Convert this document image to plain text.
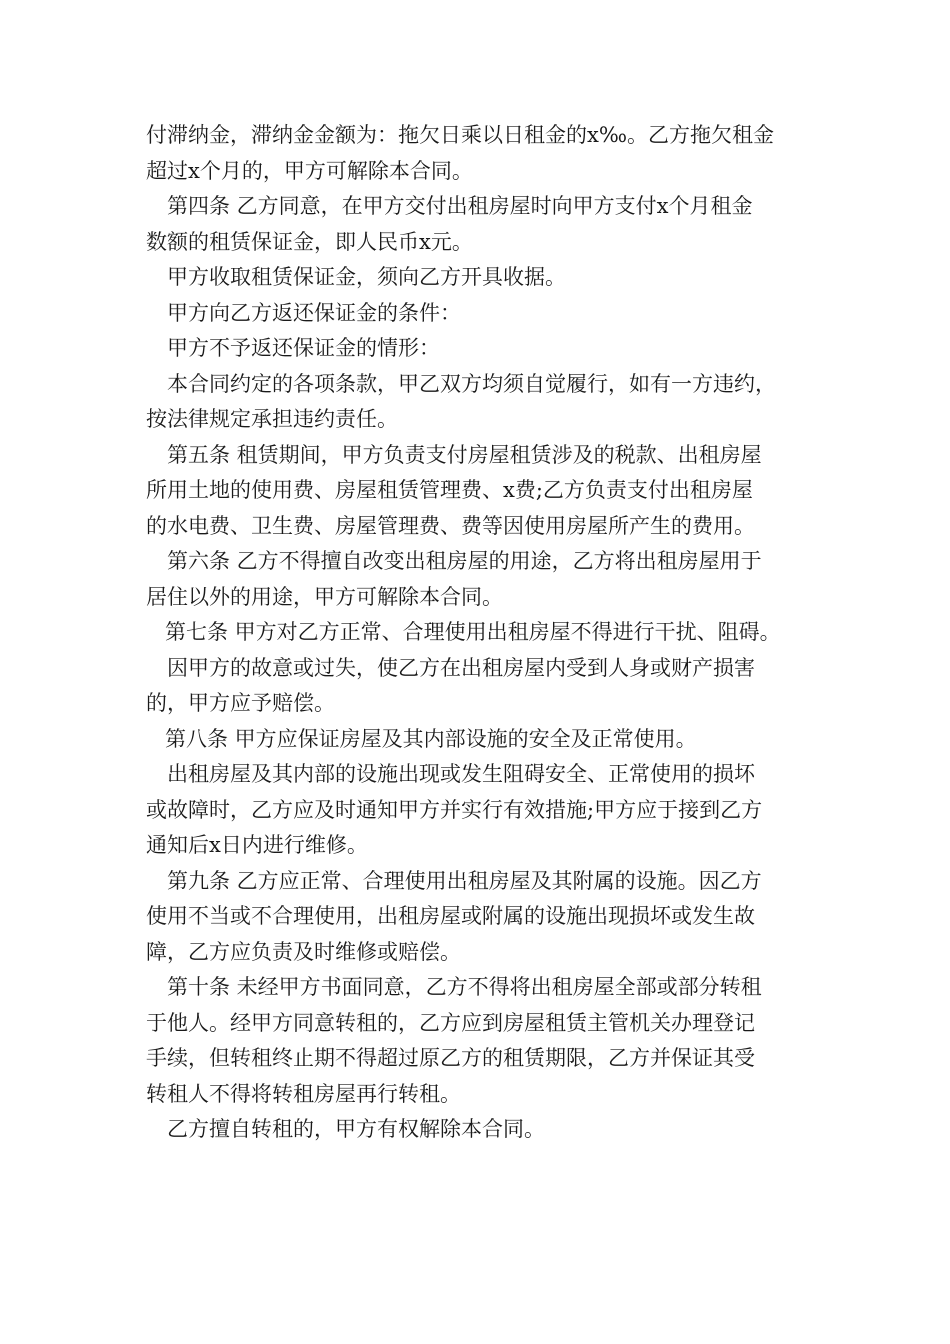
付滞纳金，滞纳金金额为：拖欠日乘以日租金的x‰。乙方拖欠租金
超过x个月的，甲方可解除本合同。
第四条 乙方同意，在甲方交付出租房屋时向甲方支付x个月租金
数额的租赁保证金，即人民币x元。
甲方收取租赁保证金，须向乙方开具收据。
甲方向乙方返还保证金的条件：
甲方不予返还保证金的情形：
本合同约定的各项条款，甲乙双方均须自觉履行，如有一方违约，
按法律规定承担违约责任。
第五条 租赁期间，甲方负责支付房屋租赁涉及的税款、出租房屋
所用土地的使用费、房屋租赁管理费、x费;乙方负责支付出租房屋
的水电费、卫生费、房屋管理费、费等因使用房屋所产生的费用。
第六条 乙方不得擅自改变出租房屋的用途，乙方将出租房屋用于
居住以外的用途，甲方可解除本合同。
第七条 甲方对乙方正常、合理使用出租房屋不得进行干扰、阻碍。
因甲方的故意或过失，使乙方在出租房屋内受到人身或财产损害
的，甲方应予赔偿。
第八条 甲方应保证房屋及其内部设施的安全及正常使用。
出租房屋及其内部的设施出现或发生阻碍安全、正常使用的损坏
或故障时，乙方应及时通知甲方并实行有效措施;甲方应于接到乙方
通知后x日内进行维修。
第九条 乙方应正常、合理使用出租房屋及其附属的设施。因乙方
使用不当或不合理使用，出租房屋或附属的设施出现损坏或发生故
障，乙方应负责及时维修或赔偿。
第十条 未经甲方书面同意，乙方不得将出租房屋全部或部分转租
于他人。经甲方同意转租的，乙方应到房屋租赁主管机关办理登记
手续，但转租终止期不得超过原乙方的租赁期限，乙方并保证其受
转租人不得将转租房屋再行转租。
乙方擅自转租的，甲方有权解除本合同。
